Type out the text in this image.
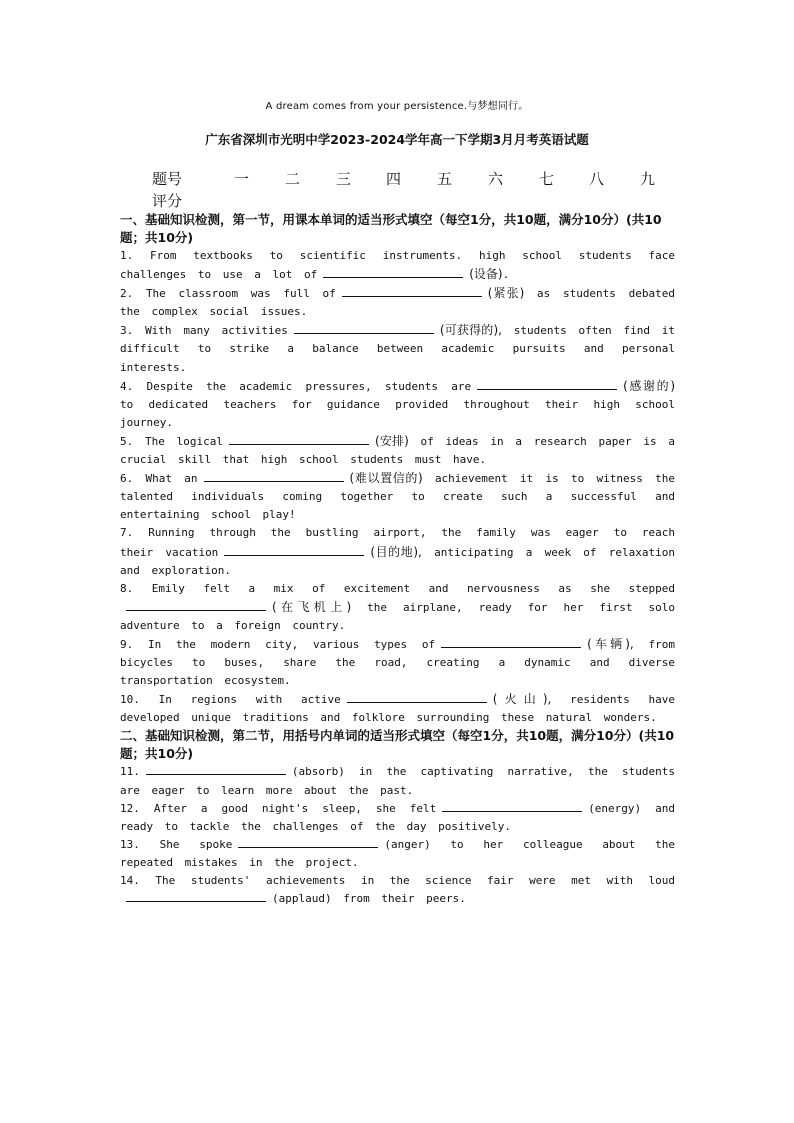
A dream comes from your persistence.与梦想同行。
广东省深圳市光明中学2023-2024学年高一下学期3月月考英语试题
题号	一 二 三 四 五 六 七 八 九
评分

一、基础知识检测，第一节，用课本单词的适当形式填空（每空1分，共10题，满分10分）(共10题；共10分)

1. From textbooks to scientific instruments. high school students face challenges to use a lot of	(设备).

2. The classroom was full of	(紧张) as students debated the complex social issues.

3. With many activities	(可获得的), students often find it difficult to strike a balance between academic pursuits and personal interests.

4. Despite the academic pressures, students are	(感谢的) to dedicated teachers for guidance provided throughout their high school journey.

5. The logical	(安排) of ideas in a research paper is a crucial skill that high school students must have.

6. What an	(难以置信的) achievement it is to witness the talented individuals coming together to create such a successful and entertaining school play!

7. Running through the bustling airport, the family was eager to reach their vacation	(目的地), anticipating a week of relaxation and exploration.

8. Emily felt a mix of excitement and nervousness as she stepped(在飞机上) the airplane, ready for her first solo adventure to a foreign country.

9. In the modern city, various types of	(车辆), from bicycles to buses, share the road, creating a dynamic and diverse transportation ecosystem.

10. In regions with active	(火山), residents have developed unique traditions and folklore surrounding these natural wonders.

二、基础知识检测，第二节，用括号内单词的适当形式填空（每空1分，共10题，满分10分）(共10题；共10分)

11.	(absorb) in the captivating narrative, the students are eager to learn more about the past.

12. After a good night's sleep, she felt	(energy) and ready to tackle the challenges of the day positively.

13. She spoke	(anger) to her colleague about the repeated mistakes in the project.

14. The students' achievements in the science fair were met with loud(applaud) from their peers.
